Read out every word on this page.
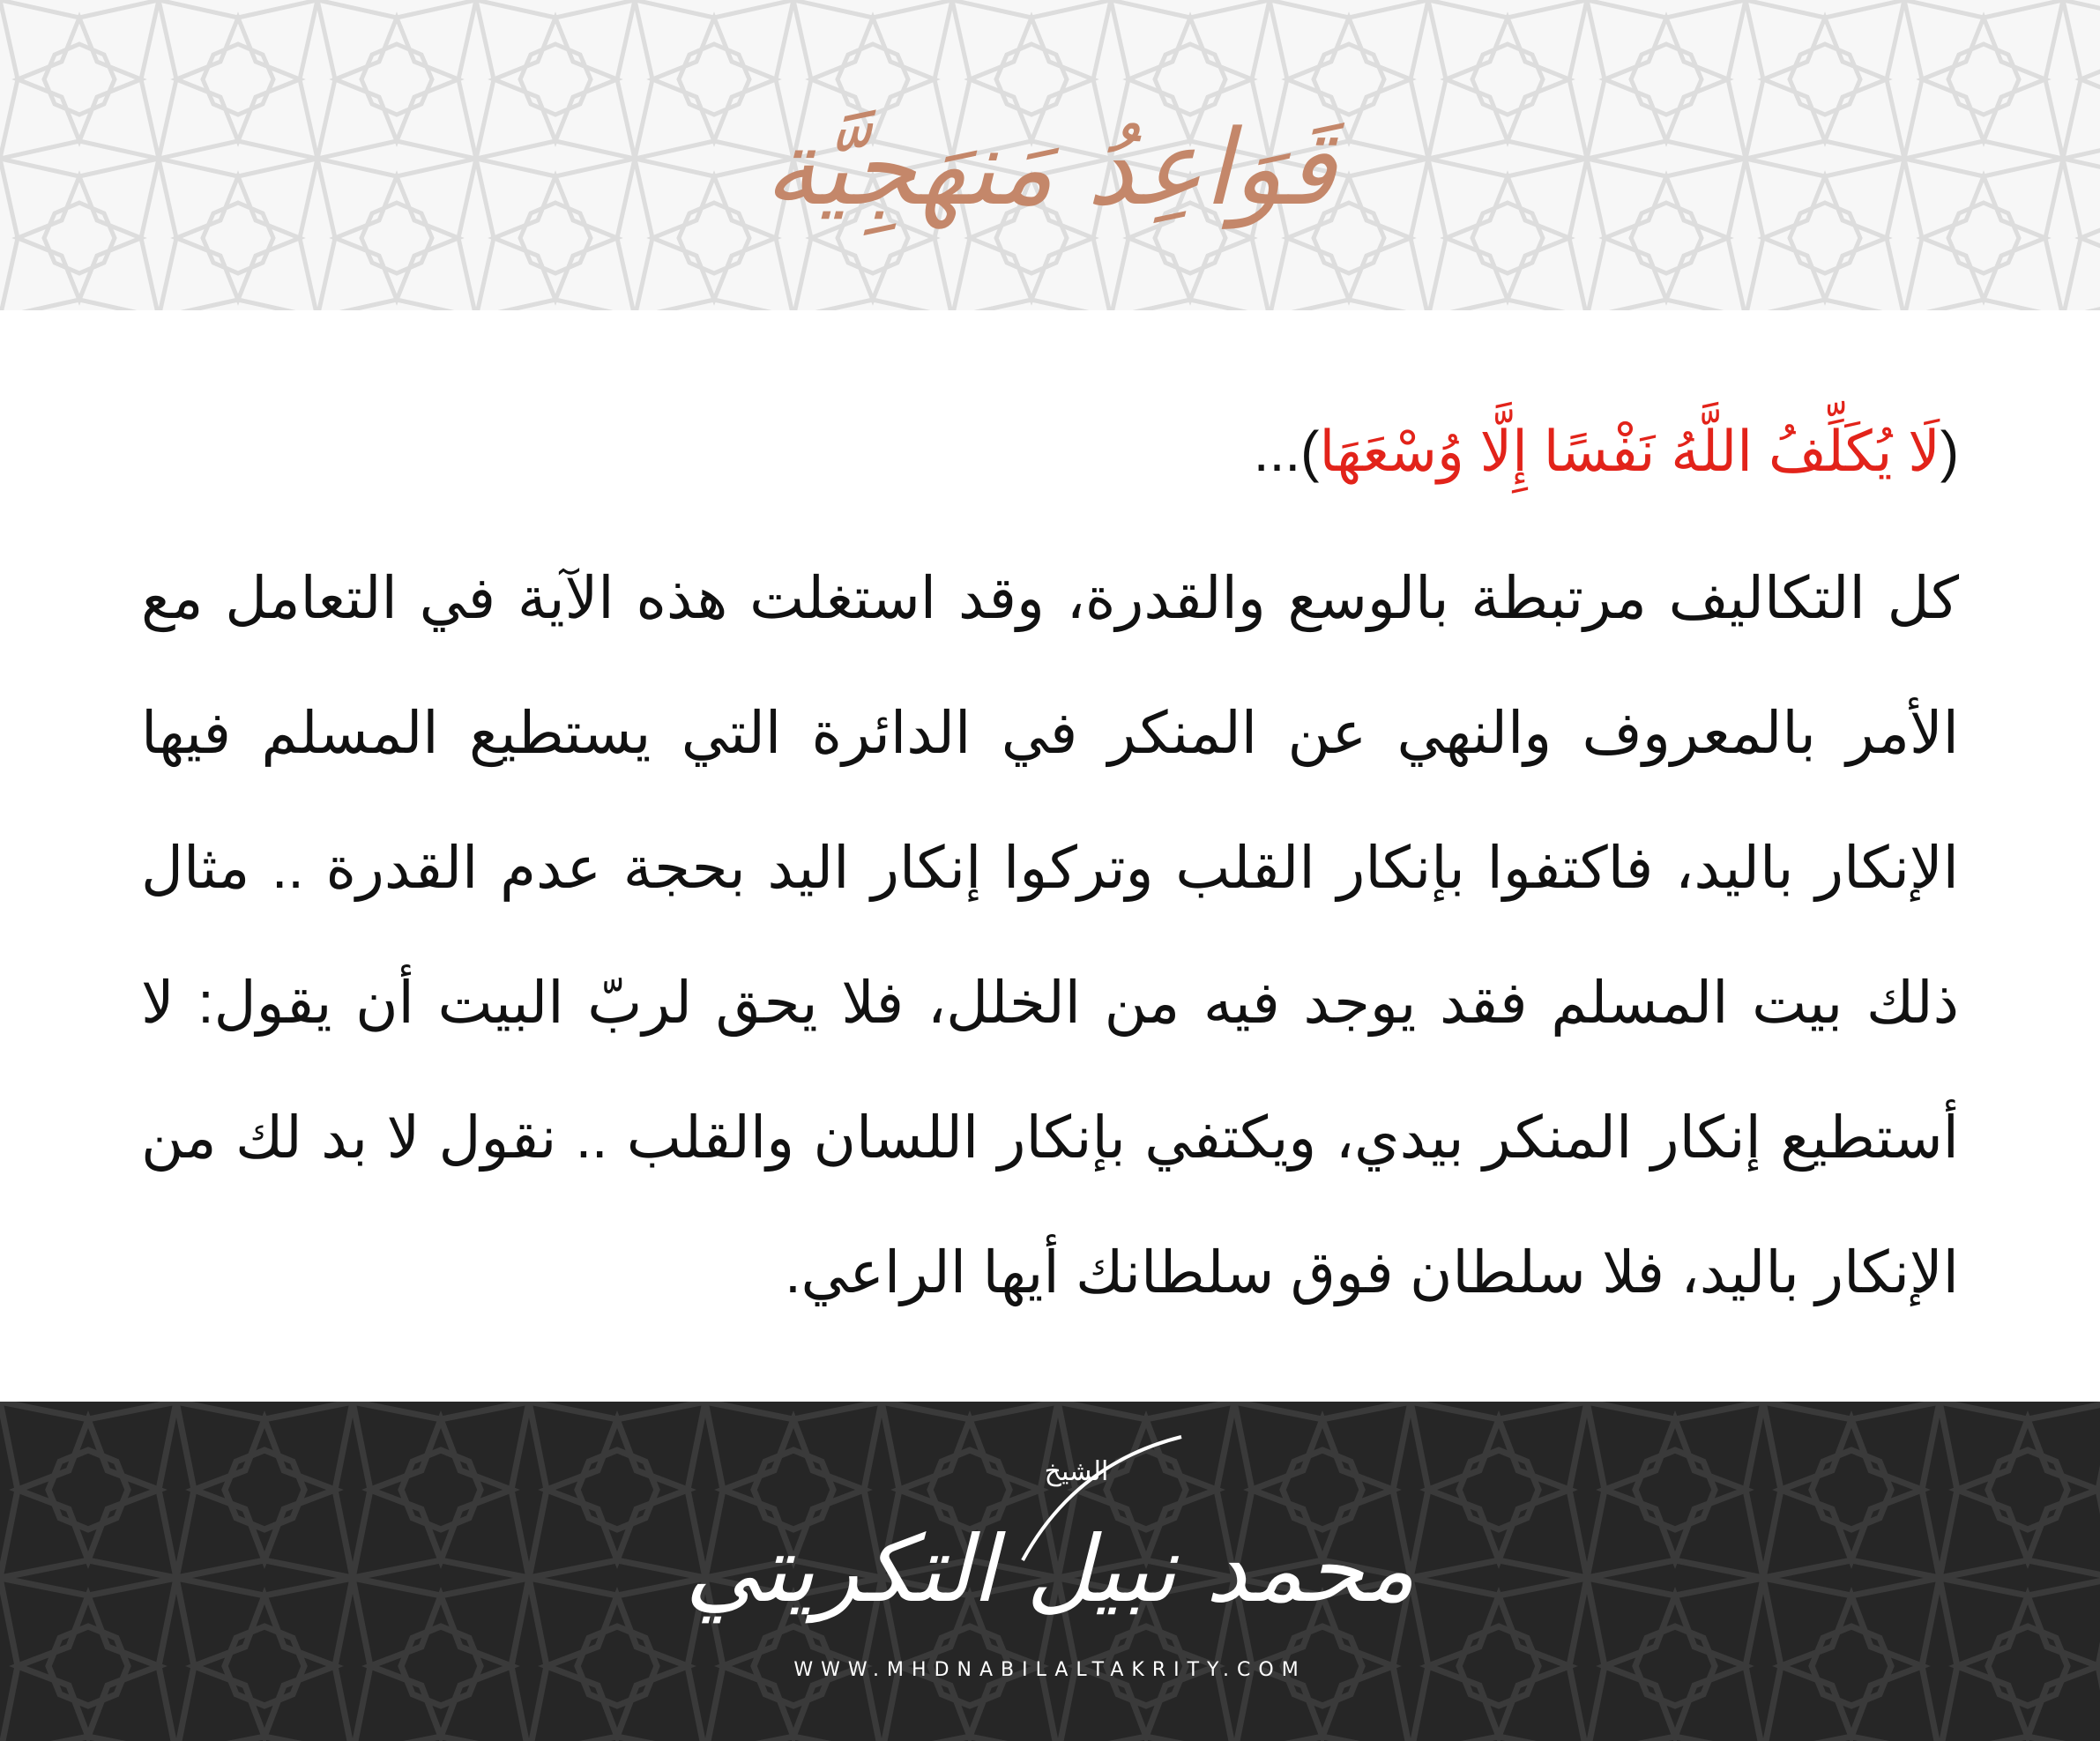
قَوَاعِدُ مَنهَجِيَّة

(لَا يُكَلِّفُ اللَّهُ نَفْسًا إِلَّا وُسْعَهَا)...

كل التكاليف مرتبطة بالوسع والقدرة، وقد استغلت هذه الآية في التعامل مع الأمر بالمعروف والنهي عن المنكر في الدائرة التي يستطيع المسلم فيها الإنكار باليد، فاكتفوا بإنكار القلب وتركوا إنكار اليد بحجة عدم القدرة .. مثال ذلك بيت المسلم فقد يوجد فيه من الخلل، فلا يحق لربّ البيت أن يقول: لا أستطيع إنكار المنكر بيدي، ويكتفي بإنكار اللسان والقلب .. نقول لا بد لك من الإنكار باليد، فلا سلطان فوق سلطانك أيها الراعي.

الشيخ
محمد نبيل التكريتي
WWW.MHDNABILALTAKRITY.COM
